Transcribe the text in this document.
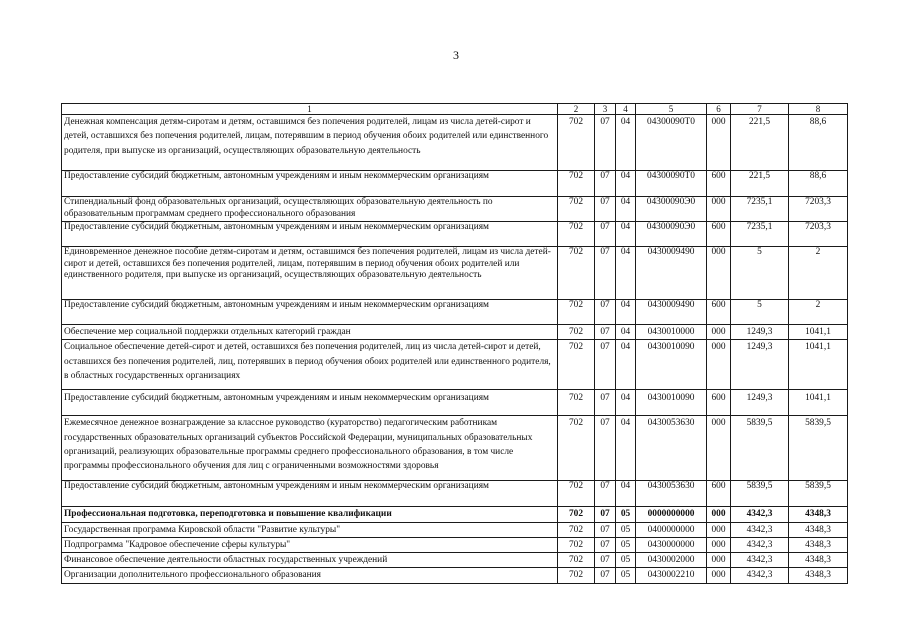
3
1	2	3	4	5	6	7	8
Денежная компенсация детям-сиротам и детям, оставшимся без попечения родителей, лицам из числа детей-сирот и детей, оставшихся без попечения родителей, лицам, потерявшим в период обучения обоих родителей или единственного родителя, при выпуске из организаций, осуществляющих образовательную деятельность	702	07	04	04300090Т0	000	221,5	88,6
Предоставление субсидий бюджетным, автономным учреждениям и иным некоммерческим организациям	702	07	04	04300090Т0	600	221,5	88,6
Стипендиальный фонд образовательных организаций, осуществляющих образовательную деятельность по образовательным программам среднего профессионального образования	702	07	04	04300090Э0	000	7235,1	7203,3
Предоставление субсидий бюджетным, автономным учреждениям и иным некоммерческим организациям	702	07	04	04300090Э0	600	7235,1	7203,3
Единовременное денежное пособие детям-сиротам и детям, оставшимся без попечения родителей, лицам из числа детей-сирот и детей, оставшихся без попечения родителей, лицам, потерявшим в период обучения обоих родителей или единственного родителя, при выпуске из организаций, осуществляющих образовательную деятельность	702	07	04	0430009490	000	5	2
Предоставление субсидий бюджетным, автономным учреждениям и иным некоммерческим организациям	702	07	04	0430009490	600	5	2
Обеспечение мер социальной поддержки отдельных категорий граждан	702	07	04	0430010000	000	1249,3	1041,1
Социальное обеспечение детей-сирот и детей, оставшихся без попечения родителей, лиц из числа детей-сирот и детей, оставшихся без попечения родителей, лиц, потерявших в период обучения обоих родителей или единственного родителя, в областных государственных организациях	702	07	04	0430010090	000	1249,3	1041,1
Предоставление субсидий бюджетным, автономным учреждениям и иным некоммерческим организациям	702	07	04	0430010090	600	1249,3	1041,1
Ежемесячное денежное вознаграждение за классное руководство (кураторство) педагогическим работникам государственных образовательных организаций субъектов Российской Федерации, муниципальных образовательных организаций, реализующих образовательные программы среднего профессионального образования, в том числе программы профессионального обучения для лиц с ограниченными возможностями здоровья	702	07	04	0430053630	000	5839,5	5839,5
Предоставление субсидий бюджетным, автономным учреждениям и иным некоммерческим организациям	702	07	04	0430053630	600	5839,5	5839,5
Профессиональная подготовка, переподготовка и повышение квалификации	702	07	05	0000000000	000	4342,3	4348,3
Государственная программа Кировской области "Развитие культуры"	702	07	05	0400000000	000	4342,3	4348,3
Подпрограмма "Кадровое обеспечение сферы культуры"	702	07	05	0430000000	000	4342,3	4348,3
Финансовое обеспечение деятельности областных государственных учреждений	702	07	05	0430002000	000	4342,3	4348,3
Организации дополнительного профессионального образования	702	07	05	0430002210	000	4342,3	4348,3
